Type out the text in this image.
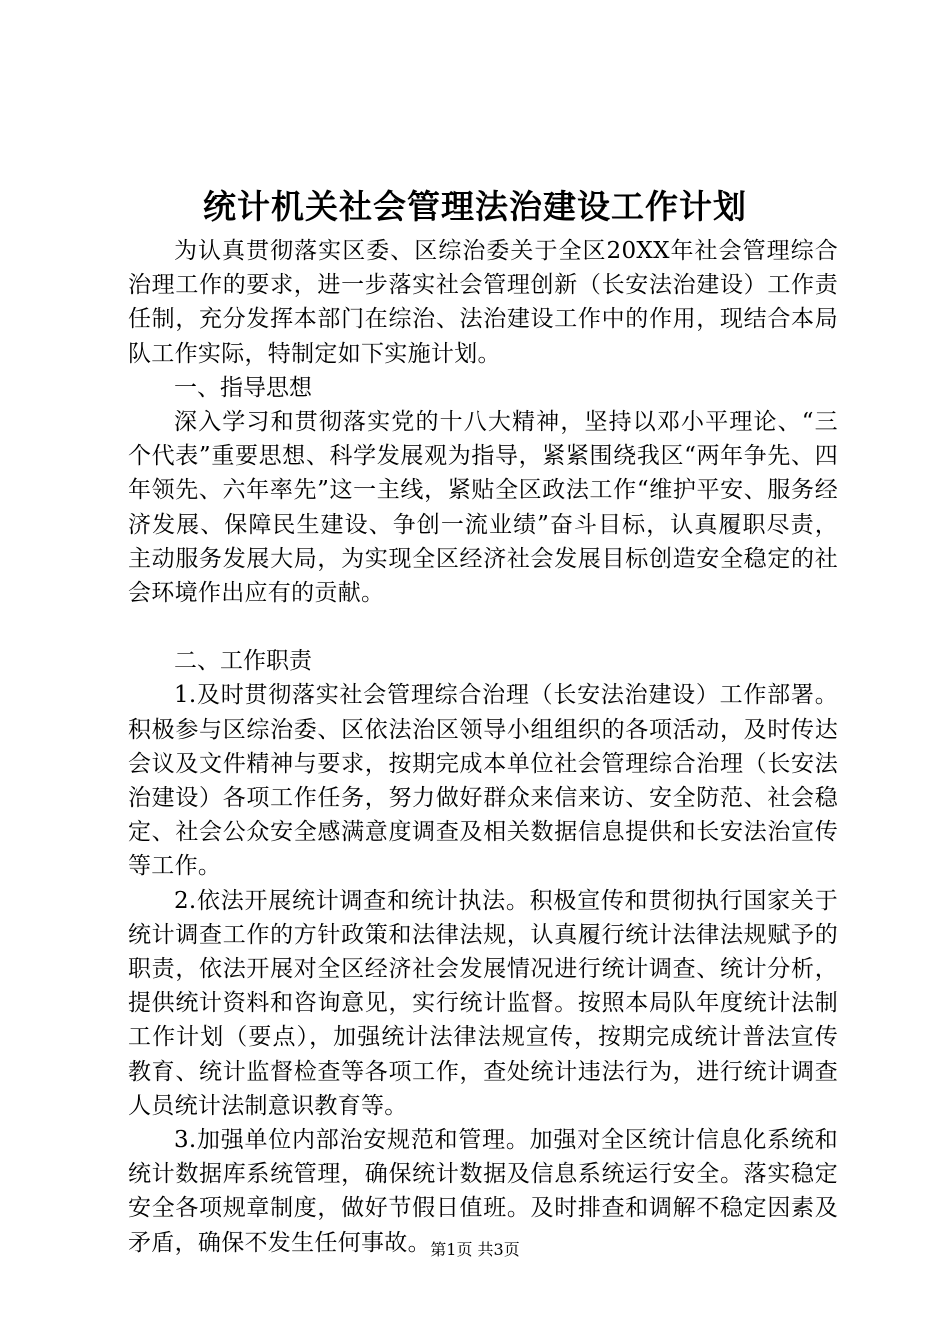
统计机关社会管理法治建设工作计划

为认真贯彻落实区委、区综治委关于全区20XX年社会管理综合治理工作的要求，进一步落实社会管理创新（长安法治建设）工作责任制，充分发挥本部门在综治、法治建设工作中的作用，现结合本局队工作实际，特制定如下实施计划。

一、指导思想

深入学习和贯彻落实党的十八大精神，坚持以邓小平理论、“三个代表”重要思想、科学发展观为指导，紧紧围绕我区“两年争先、四年领先、六年率先”这一主线，紧贴全区政法工作“维护平安、服务经济发展、保障民生建设、争创一流业绩”奋斗目标，认真履职尽责，主动服务发展大局，为实现全区经济社会发展目标创造安全稳定的社会环境作出应有的贡献。

二、工作职责

1.及时贯彻落实社会管理综合治理（长安法治建设）工作部署。积极参与区综治委、区依法治区领导小组组织的各项活动，及时传达会议及文件精神与要求，按期完成本单位社会管理综合治理（长安法治建设）各项工作任务，努力做好群众来信来访、安全防范、社会稳定、社会公众安全感满意度调查及相关数据信息提供和长安法治宣传等工作。

2.依法开展统计调查和统计执法。积极宣传和贯彻执行国家关于统计调查工作的方针政策和法律法规，认真履行统计法律法规赋予的职责，依法开展对全区经济社会发展情况进行统计调查、统计分析，提供统计资料和咨询意见，实行统计监督。按照本局队年度统计法制工作计划（要点），加强统计法律法规宣传，按期完成统计普法宣传教育、统计监督检查等各项工作，查处统计违法行为，进行统计调查人员统计法制意识教育等。

3.加强单位内部治安规范和管理。加强对全区统计信息化系统和统计数据库系统管理，确保统计数据及信息系统运行安全。落实稳定安全各项规章制度，做好节假日值班。及时排查和调解不稳定因素及矛盾，确保不发生任何事故。 第1页 共3页
